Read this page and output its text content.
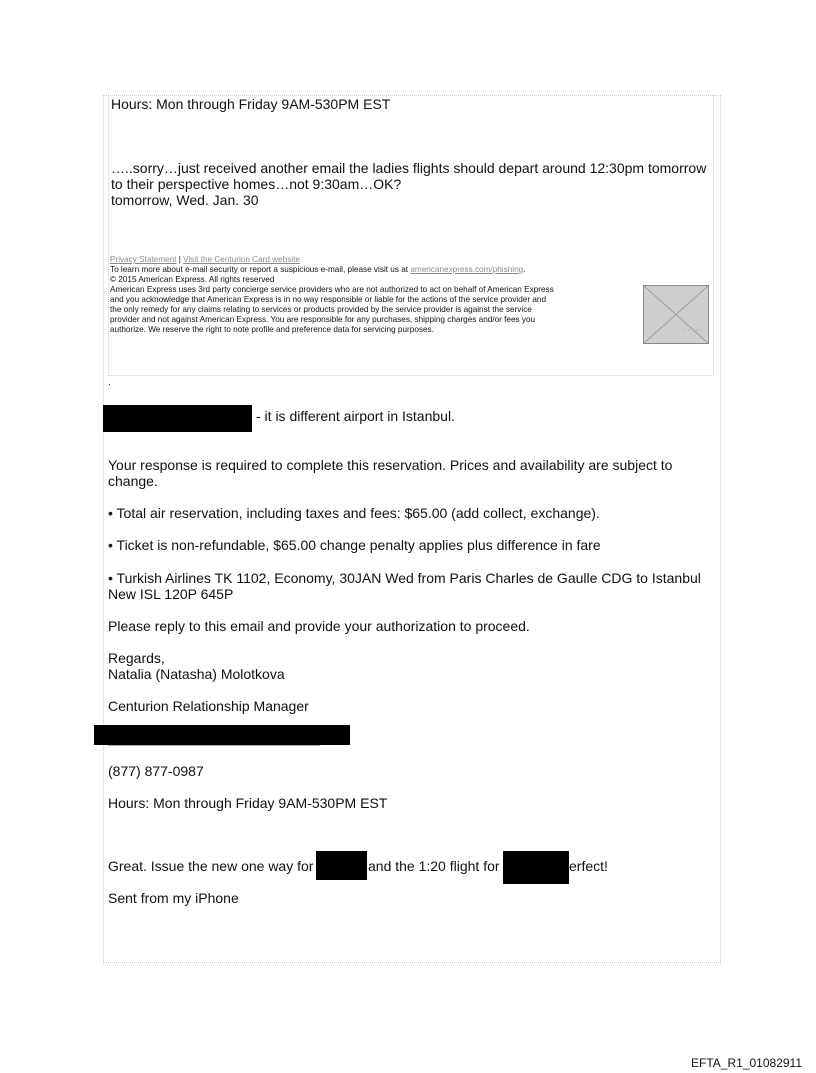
Hours: Mon through Friday 9AM-530PM EST
…..sorry…just received another email the ladies flights should depart around 12:30pm tomorrow
to their perspective homes…not 9:30am…OK?
tomorrow, Wed. Jan. 30
Privacy Statement | Visit the Centurion Card website
To learn more about e-mail security or report a suspicious e-mail, please visit us at americanexpress.com/phishing.
© 2015 American Express. All rights reserved
American Express uses 3rd party concierge service providers who are not authorized to act on behalf of American Express
and you acknowledge that American Express is in no way responsible or liable for the actions of the service provider and
the only remedy for any claims relating to services or products provided by the service provider is against the service
provider and not against American Express. You are responsible for any purchases, shipping charges and/or fees you
authorize. We reserve the right to note profile and preference data for servicing purposes.
.
- it is different airport in Istanbul.
Your response is required to complete this reservation. Prices and availability are subject to
change.
• Total air reservation, including taxes and fees: $65.00 (add collect, exchange).
• Ticket is non-refundable, $65.00 change penalty applies plus difference in fare
• Turkish Airlines TK 1102, Economy, 30JAN Wed from Paris Charles de Gaulle CDG to Istanbul
New ISL 120P 645P
Please reply to this email and provide your authorization to proceed.
Regards,
Natalia (Natasha) Molotkova
Centurion Relationship Manager
(877) 877-0987
Hours: Mon through Friday 9AM-530PM EST
Great. Issue the new one way for	and the 1:20 flight for	erfect!
Sent from my iPhone
EFTA_R1_01082911
